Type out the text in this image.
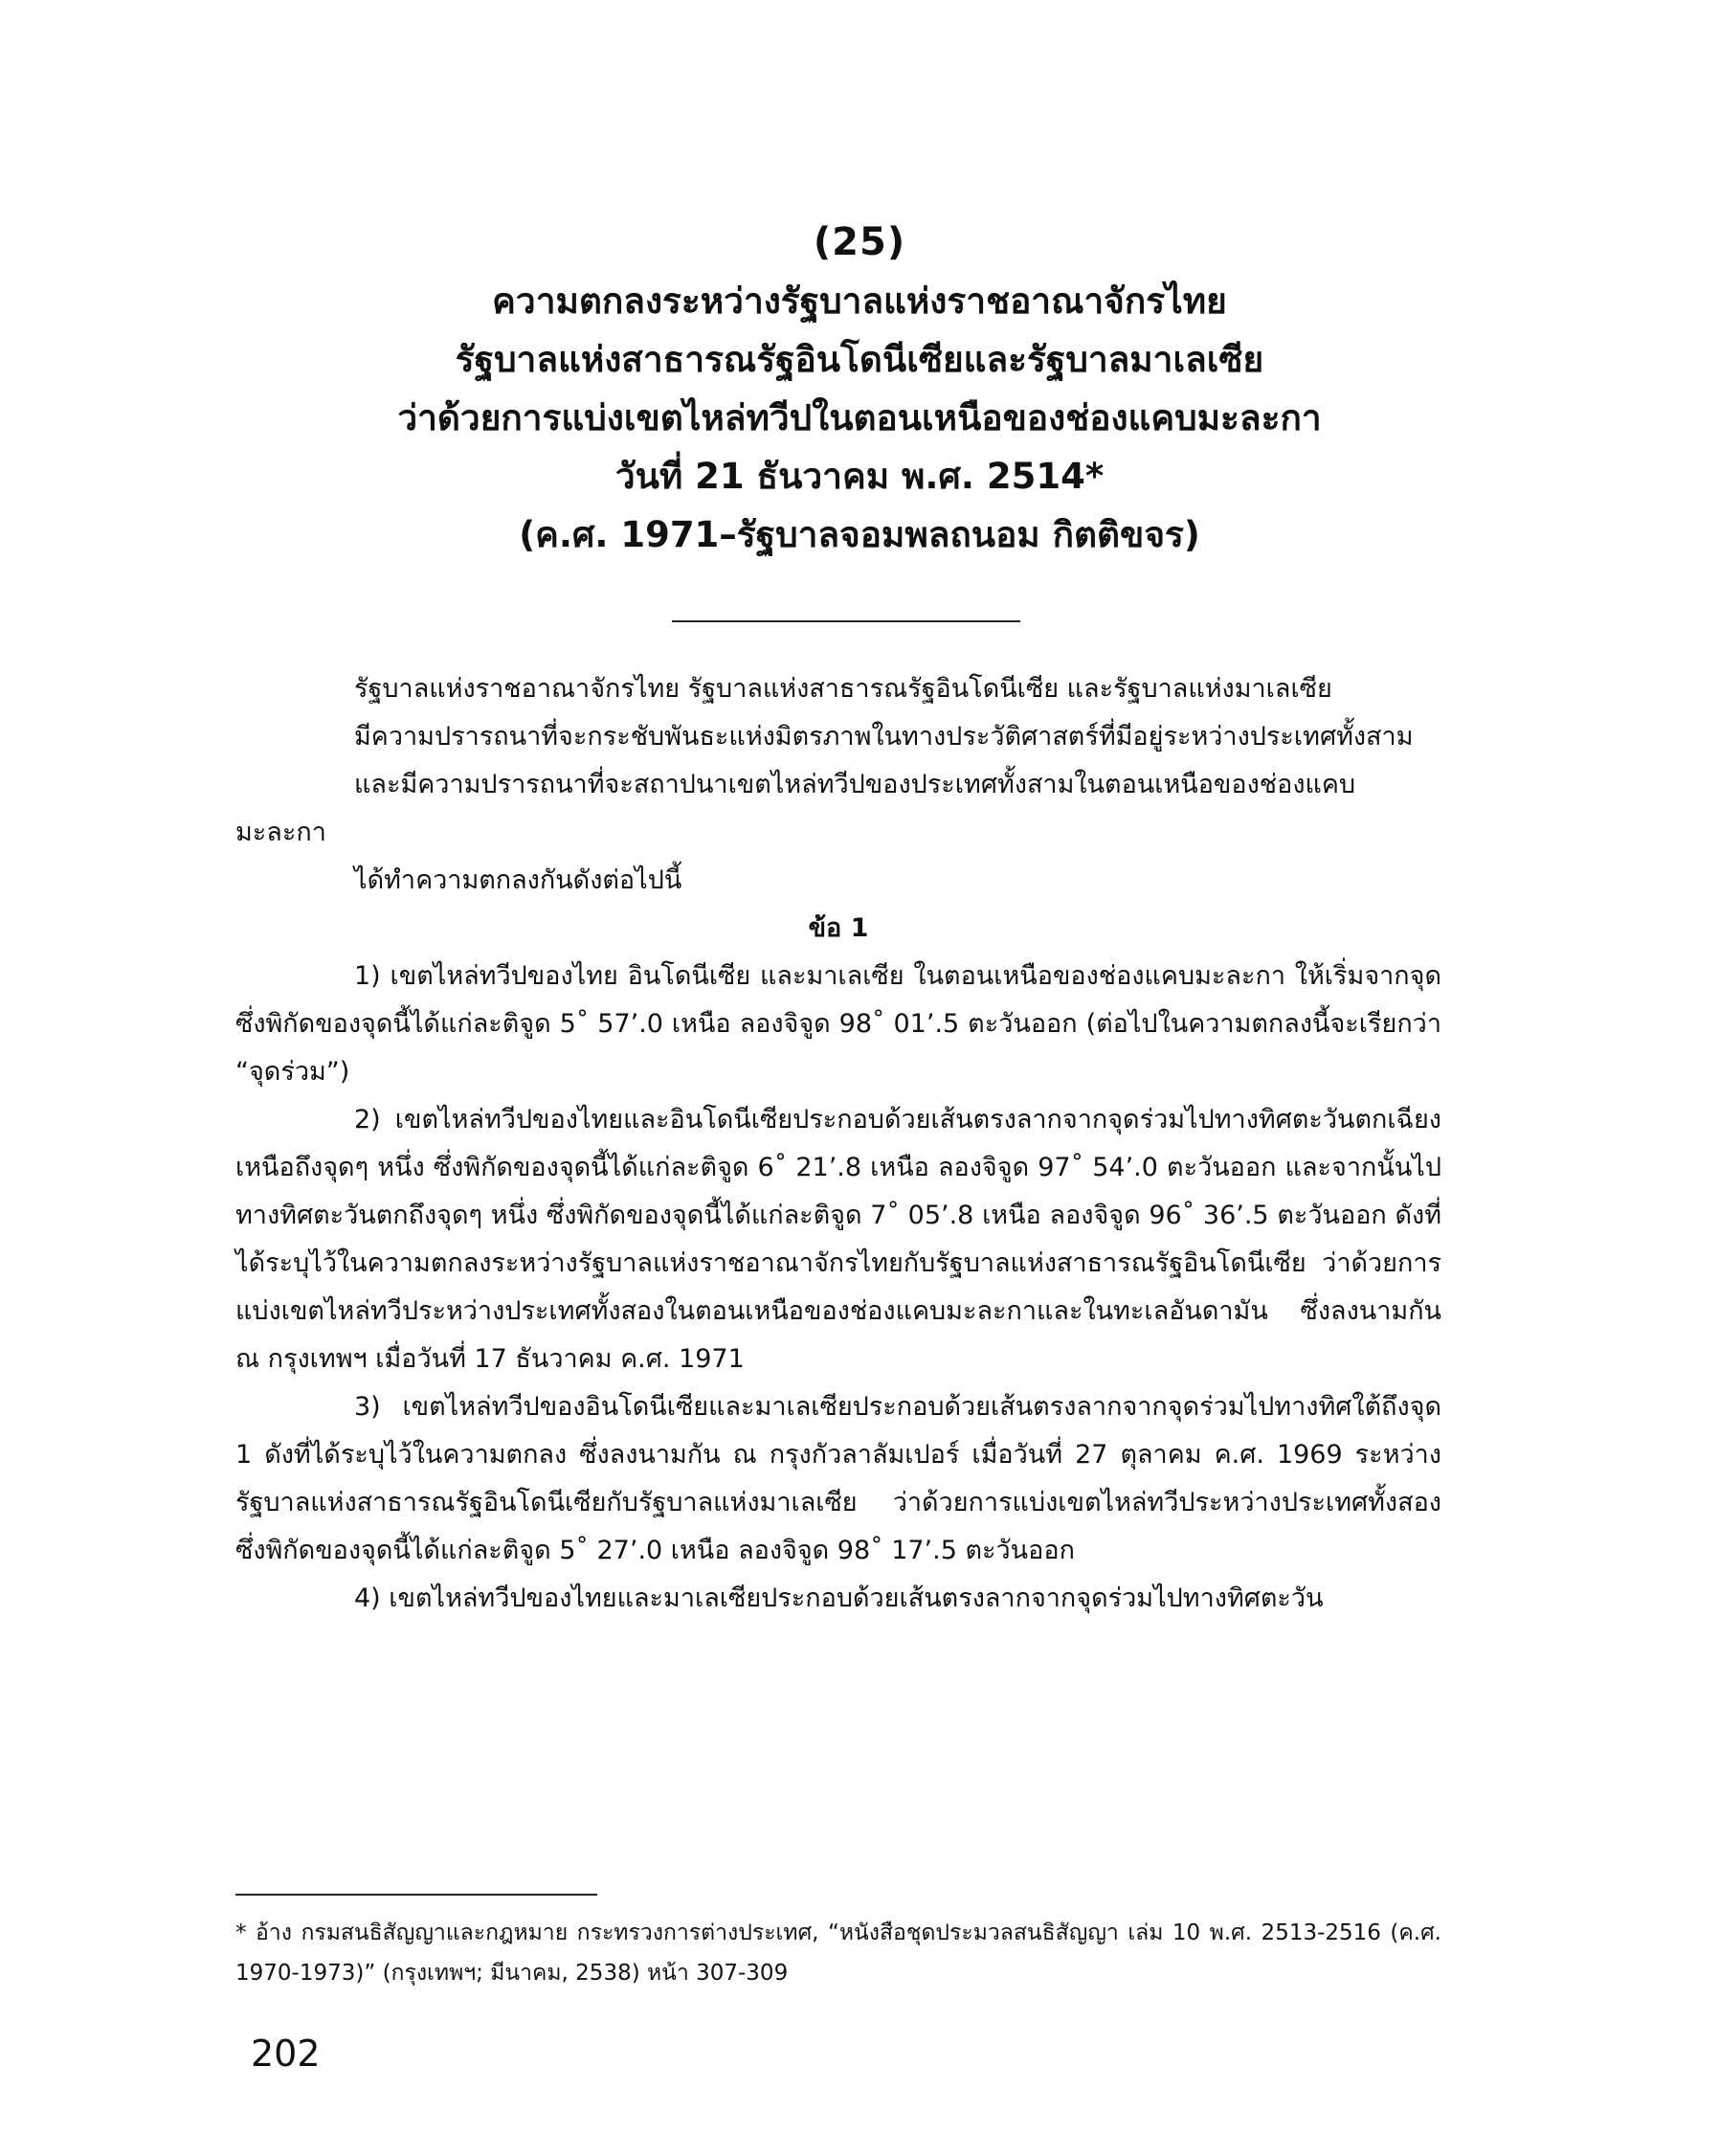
(25)
ความตกลงระหว่างรัฐบาลแห่งราชอาณาจักรไทย
รัฐบาลแห่งสาธารณรัฐอินโดนีเซียและรัฐบาลมาเลเซีย
ว่าด้วยการแบ่งเขตไหล่ทวีปในตอนเหนือของช่องแคบมะละกา
วันที่ 21 ธันวาคม พ.ศ. 2514*
(ค.ศ. 1971–รัฐบาลจอมพลถนอม กิตติขจร)
รัฐบาลแห่งราชอาณาจักรไทย รัฐบาลแห่งสาธารณรัฐอินโดนีเซีย และรัฐบาลแห่งมาเลเซีย
มีความปรารถนาที่จะกระชับพันธะแห่งมิตรภาพในทางประวัติศาสตร์ที่มีอยู่ระหว่างประเทศทั้งสาม
และมีความปรารถนาที่จะสถาปนาเขตไหล่ทวีปของประเทศทั้งสามในตอนเหนือของช่องแคบมะละกา
ได้ทำความตกลงกันดังต่อไปนี้
ข้อ 1
1) เขตไหล่ทวีปของไทย อินโดนีเซีย และมาเลเซีย ในตอนเหนือของช่องแคบมะละกา ให้เริ่มจากจุด ซึ่งพิกัดของจุดนี้ได้แก่ละติจูด 5˚ 57’.0 เหนือ ลองจิจูด 98˚ 01’.5 ตะวันออก (ต่อไปในความตกลงนี้จะเรียกว่า “จุดร่วม”)
2) เขตไหล่ทวีปของไทยและอินโดนีเซียประกอบด้วยเส้นตรงลากจากจุดร่วมไปทางทิศตะวันตกเฉียงเหนือถึงจุดๆ หนึ่ง ซึ่งพิกัดของจุดนี้ได้แก่ละติจูด 6˚ 21’.8 เหนือ ลองจิจูด 97˚ 54’.0 ตะวันออก และจากนั้นไปทางทิศตะวันตกถึงจุดๆ หนึ่ง ซึ่งพิกัดของจุดนี้ได้แก่ละติจูด 7˚ 05’.8 เหนือ ลองจิจูด 96˚ 36’.5 ตะวันออก ดังที่ได้ระบุไว้ในความตกลงระหว่างรัฐบาลแห่งราชอาณาจักรไทยกับรัฐบาลแห่งสาธารณรัฐอินโดนีเซีย ว่าด้วยการแบ่งเขตไหล่ทวีประหว่างประเทศทั้งสองในตอนเหนือของช่องแคบมะละกาและในทะเลอันดามัน ซึ่งลงนามกัน ณ กรุงเทพฯ เมื่อวันที่ 17 ธันวาคม ค.ศ. 1971
3) เขตไหล่ทวีปของอินโดนีเซียและมาเลเซียประกอบด้วยเส้นตรงลากจากจุดร่วมไปทางทิศใต้ถึงจุด 1 ดังที่ได้ระบุไว้ในความตกลง ซึ่งลงนามกัน ณ กรุงกัวลาลัมเปอร์ เมื่อวันที่ 27 ตุลาคม ค.ศ. 1969 ระหว่างรัฐบาลแห่งสาธารณรัฐอินโดนีเซียกับรัฐบาลแห่งมาเลเซีย ว่าด้วยการแบ่งเขตไหล่ทวีประหว่างประเทศทั้งสอง ซึ่งพิกัดของจุดนี้ได้แก่ละติจูด 5˚ 27’.0 เหนือ ลองจิจูด 98˚ 17’.5 ตะวันออก
4) เขตไหล่ทวีปของไทยและมาเลเซียประกอบด้วยเส้นตรงลากจากจุดร่วมไปทางทิศตะวัน
* อ้าง กรมสนธิสัญญาและกฎหมาย กระทรวงการต่างประเทศ, “หนังสือชุดประมวลสนธิสัญญา เล่ม 10 พ.ศ. 2513-2516 (ค.ศ. 1970-1973)” (กรุงเทพฯ; มีนาคม, 2538) หน้า 307-309
202
